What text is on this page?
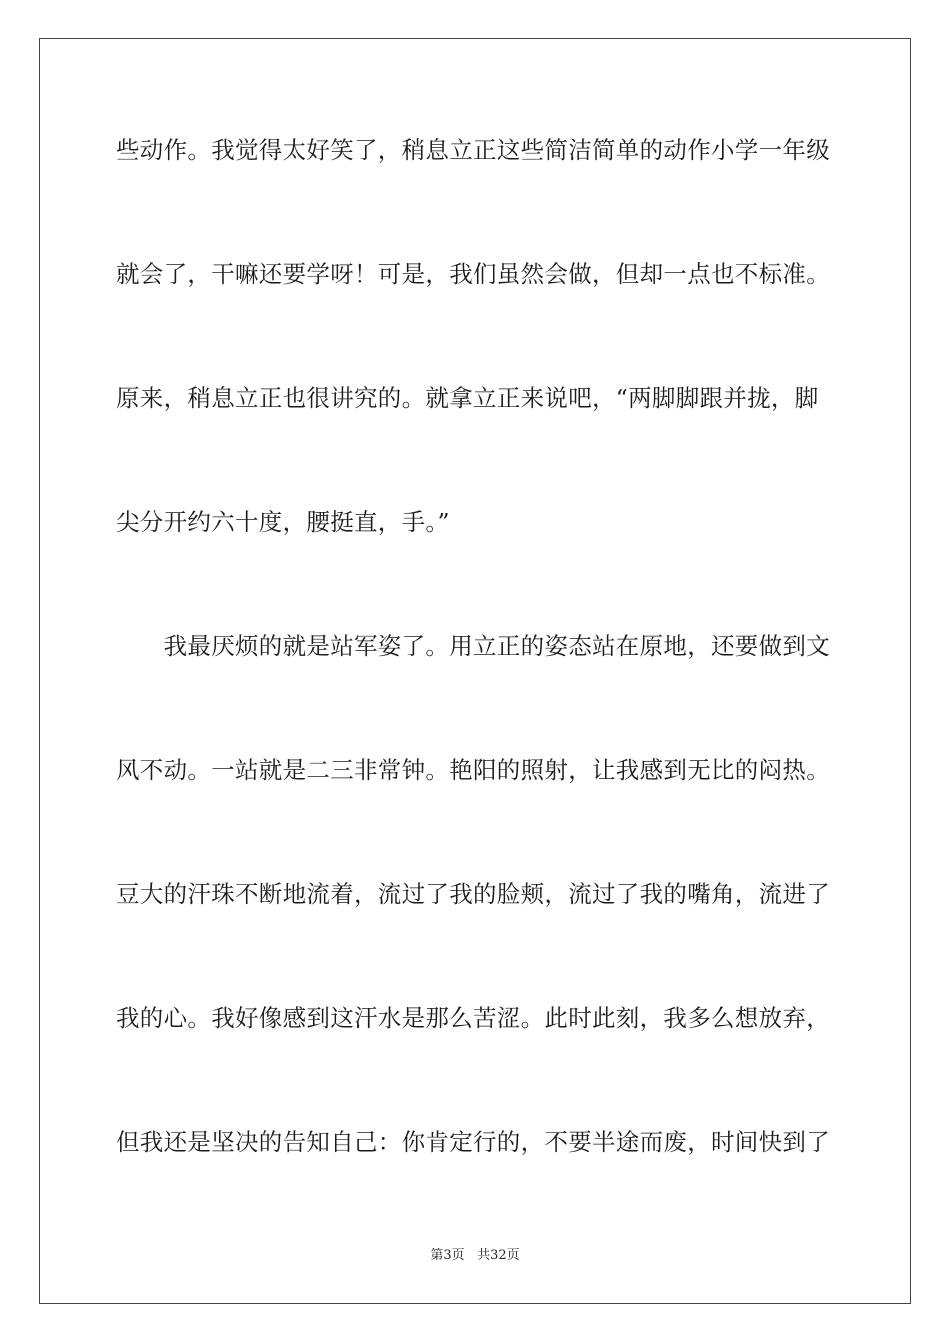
些动作。我觉得太好笑了，稍息立正这些简洁简单的动作小学一年级
就会了，干嘛还要学呀！可是，我们虽然会做，但却一点也不标准。
原来，稍息立正也很讲究的。就拿立正来说吧，“两脚脚跟并拢，脚
尖分开约六十度，腰挺直，手。”
　　我最厌烦的就是站军姿了。用立正的姿态站在原地，还要做到文
风不动。一站就是二三非常钟。艳阳的照射，让我感到无比的闷热。
豆大的汗珠不断地流着，流过了我的脸颊，流过了我的嘴角，流进了
我的心。我好像感到这汗水是那么苦涩。此时此刻，我多么想放弃，
但我还是坚决的告知自己：你肯定行的，不要半途而废，时间快到了
第3页 共32页
